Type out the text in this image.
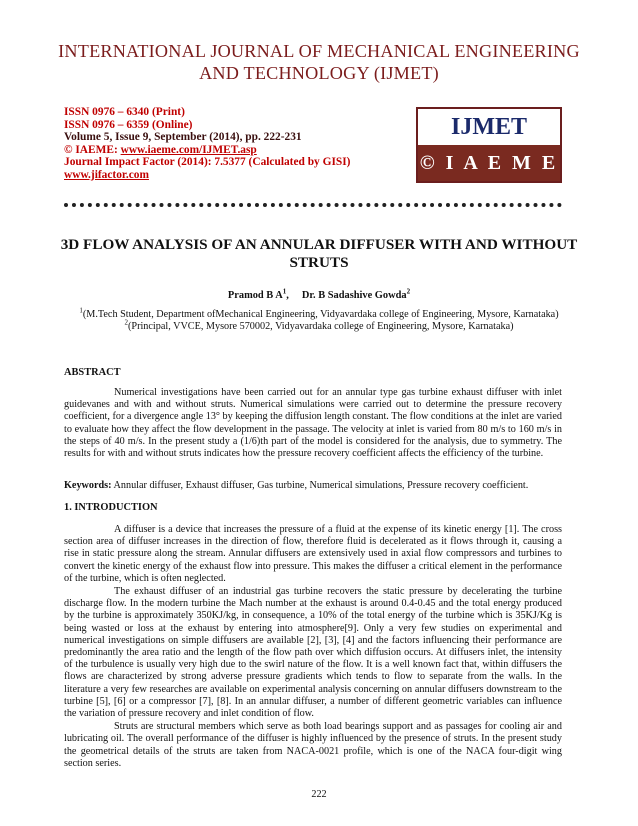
INTERNATIONAL JOURNAL OF MECHANICAL ENGINEERING
AND TECHNOLOGY (IJMET)
ISSN 0976 – 6340 (Print)
ISSN 0976 – 6359 (Online)
Volume 5, Issue 9, September (2014), pp. 222-231
© IAEME: www.iaeme.com/IJMET.asp
Journal Impact Factor (2014): 7.5377 (Calculated by GISI)
www.jifactor.com
IJMET
© I A E M E
3D FLOW ANALYSIS OF AN ANNULAR DIFFUSER WITH AND WITHOUT
STRUTS
Pramod B $A^1$,     Dr. B Sadashive Gowda$^2$
$^1$(M.Tech Student, Department ofMechanical Engineering, Vidyavardaka college of Engineering, Mysore, Karnataka)
$^2$(Principal, VVCE, Mysore 570002, Vidyavardaka college of Engineering, Mysore, Karnataka)
ABSTRACT

Numerical investigations have been carried out for an annular type gas turbine exhaust diffuser with inlet guidevanes and with and without struts. Numerical simulations were carried out to determine the pressure recovery coefficient, for a divergence angle 13° by keeping the diffusion length constant. The flow conditions at the inlet are varied to evaluate how they affect the flow development in the passage. The velocity at inlet is varied from 80 m/s to 160 m/s in the steps of 40 m/s. In the present study a (1/6)th part of the model is considered for the analysis, due to symmetry. The results for with and without struts indicates how the pressure recovery coefficient affects the efficiency of the turbine.

Keywords: Annular diffuser, Exhaust diffuser, Gas turbine, Numerical simulations, Pressure recovery coefficient.
1. INTRODUCTION

A diffuser is a device that increases the pressure of a fluid at the expense of its kinetic energy [1]. The cross section area of diffuser increases in the direction of flow, therefore fluid is decelerated as it flows through it, causing a rise in static pressure along the stream. Annular diffusers are extensively used in axial flow compressors and turbines to convert the kinetic energy of the exhaust flow into pressure. This makes the diffuser a critical element in the performance of the turbine, which is often neglected.

The exhaust diffuser of an industrial gas turbine recovers the static pressure by decelerating the turbine discharge flow. In the modern turbine the Mach number at the exhaust is around 0.4-0.45 and the total energy produced by the turbine is approximately 350KJ/kg, in consequence, a 10% of the total energy of the turbine which is 35KJ/Kg is being wasted or loss at the exhaust by entering into atmosphere[9]. Only a very few studies on experimental and numerical investigations on simple diffusers are available [2], [3], [4] and the factors influencing their performance are predominantly the area ratio and the length of the flow path over which diffusion occurs. At diffusers inlet, the intensity of the turbulence is usually very high due to the swirl nature of the flow. It is a well known fact that, within diffusers the flows are characterized by strong adverse pressure gradients which tends to flow to separate from the walls. In the literature a very few researches are available on experimental analysis concerning on annular diffusers downstream to the turbine [5], [6] or a compressor [7], [8]. In an annular diffuser, a number of different geometric variables can influence the variation of pressure recovery and inlet condition of flow.

Struts are structural members which serve as both load bearings support and as passages for cooling air and lubricating oil. The overall performance of the diffuser is highly influenced by the presence of struts. In the present study the geometrical details of the struts are taken from NACA-0021 profile, which is one of the NACA four-digit wing section series.

222
